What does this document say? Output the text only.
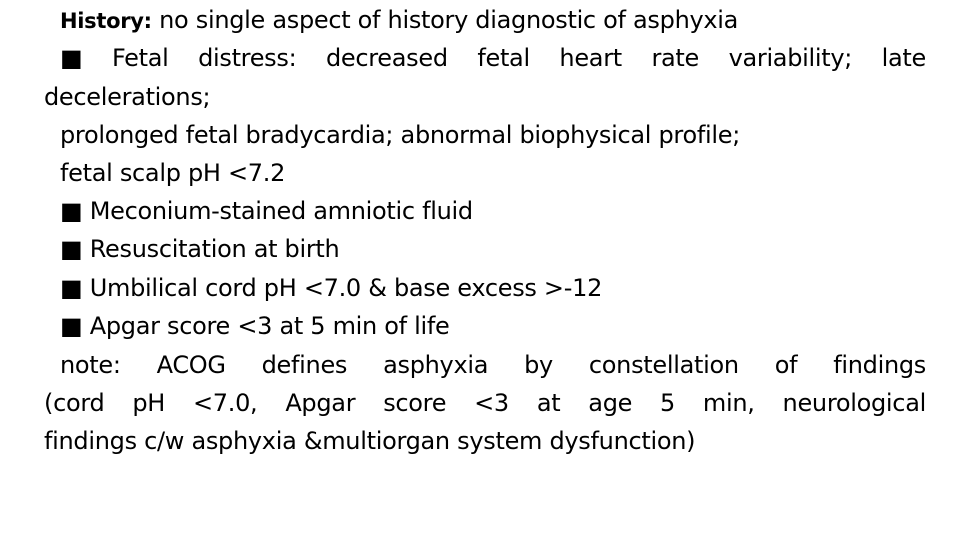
History: no single aspect of history diagnostic of asphyxia
■ Fetal distress: decreased fetal heart rate variability; late
decelerations;
prolonged fetal bradycardia; abnormal biophysical profile;
fetal scalp pH <7.2
■ Meconium-stained amniotic fluid
■ Resuscitation at birth
■ Umbilical cord pH <7.0 & base excess >-12
■ Apgar score <3 at 5 min of life
note: ACOG defines asphyxia by constellation of findings
(cord pH <7.0, Apgar score <3 at age 5 min, neurological
findings c/w asphyxia &multiorgan system dysfunction)
